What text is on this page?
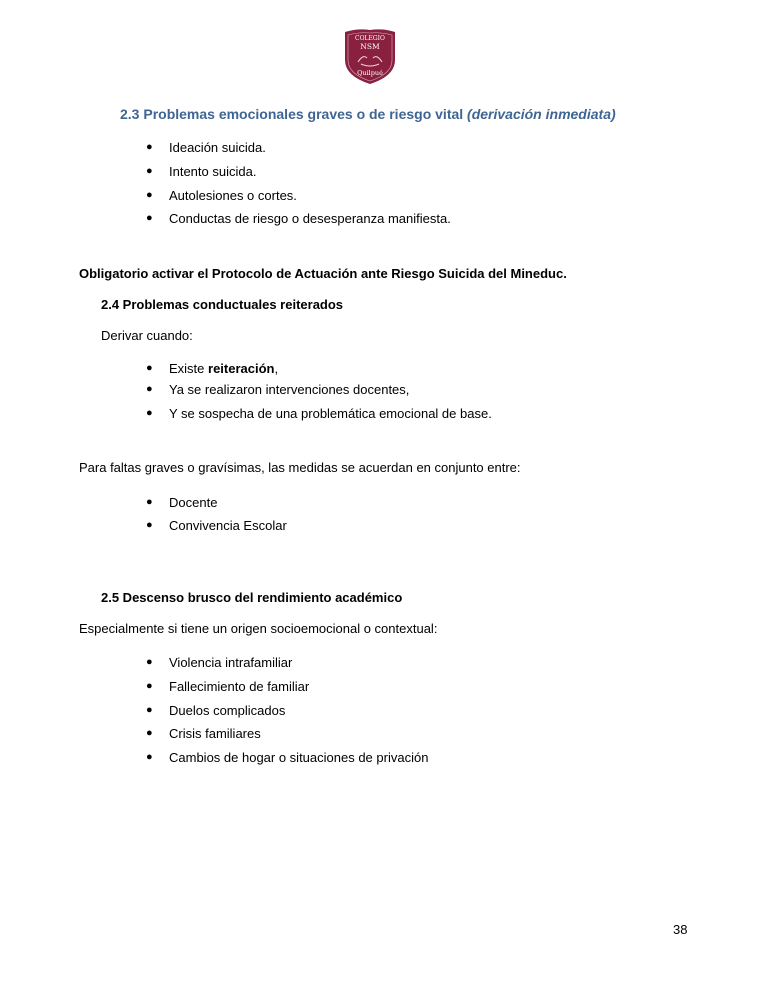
COLEGIO
NSM
Quilpué
2.3 Problemas emocionales graves o de riesgo vital (derivación inmediata)
● Ideación suicida.
● Intento suicida.
● Autolesiones o cortes.
● Conductas de riesgo o desesperanza manifiesta.
Obligatorio activar el Protocolo de Actuación ante Riesgo Suicida del Mineduc.
2.4 Problemas conductuales reiterados
Derivar cuando:
● Existe reiteración,
● Ya se realizaron intervenciones docentes,
● Y se sospecha de una problemática emocional de base.
Para faltas graves o gravísimas, las medidas se acuerdan en conjunto entre:
● Docente
● Convivencia Escolar
2.5 Descenso brusco del rendimiento académico
Especialmente si tiene un origen socioemocional o contextual:
● Violencia intrafamiliar
● Fallecimiento de familiar
● Duelos complicados
● Crisis familiares
● Cambios de hogar o situaciones de privación
38
